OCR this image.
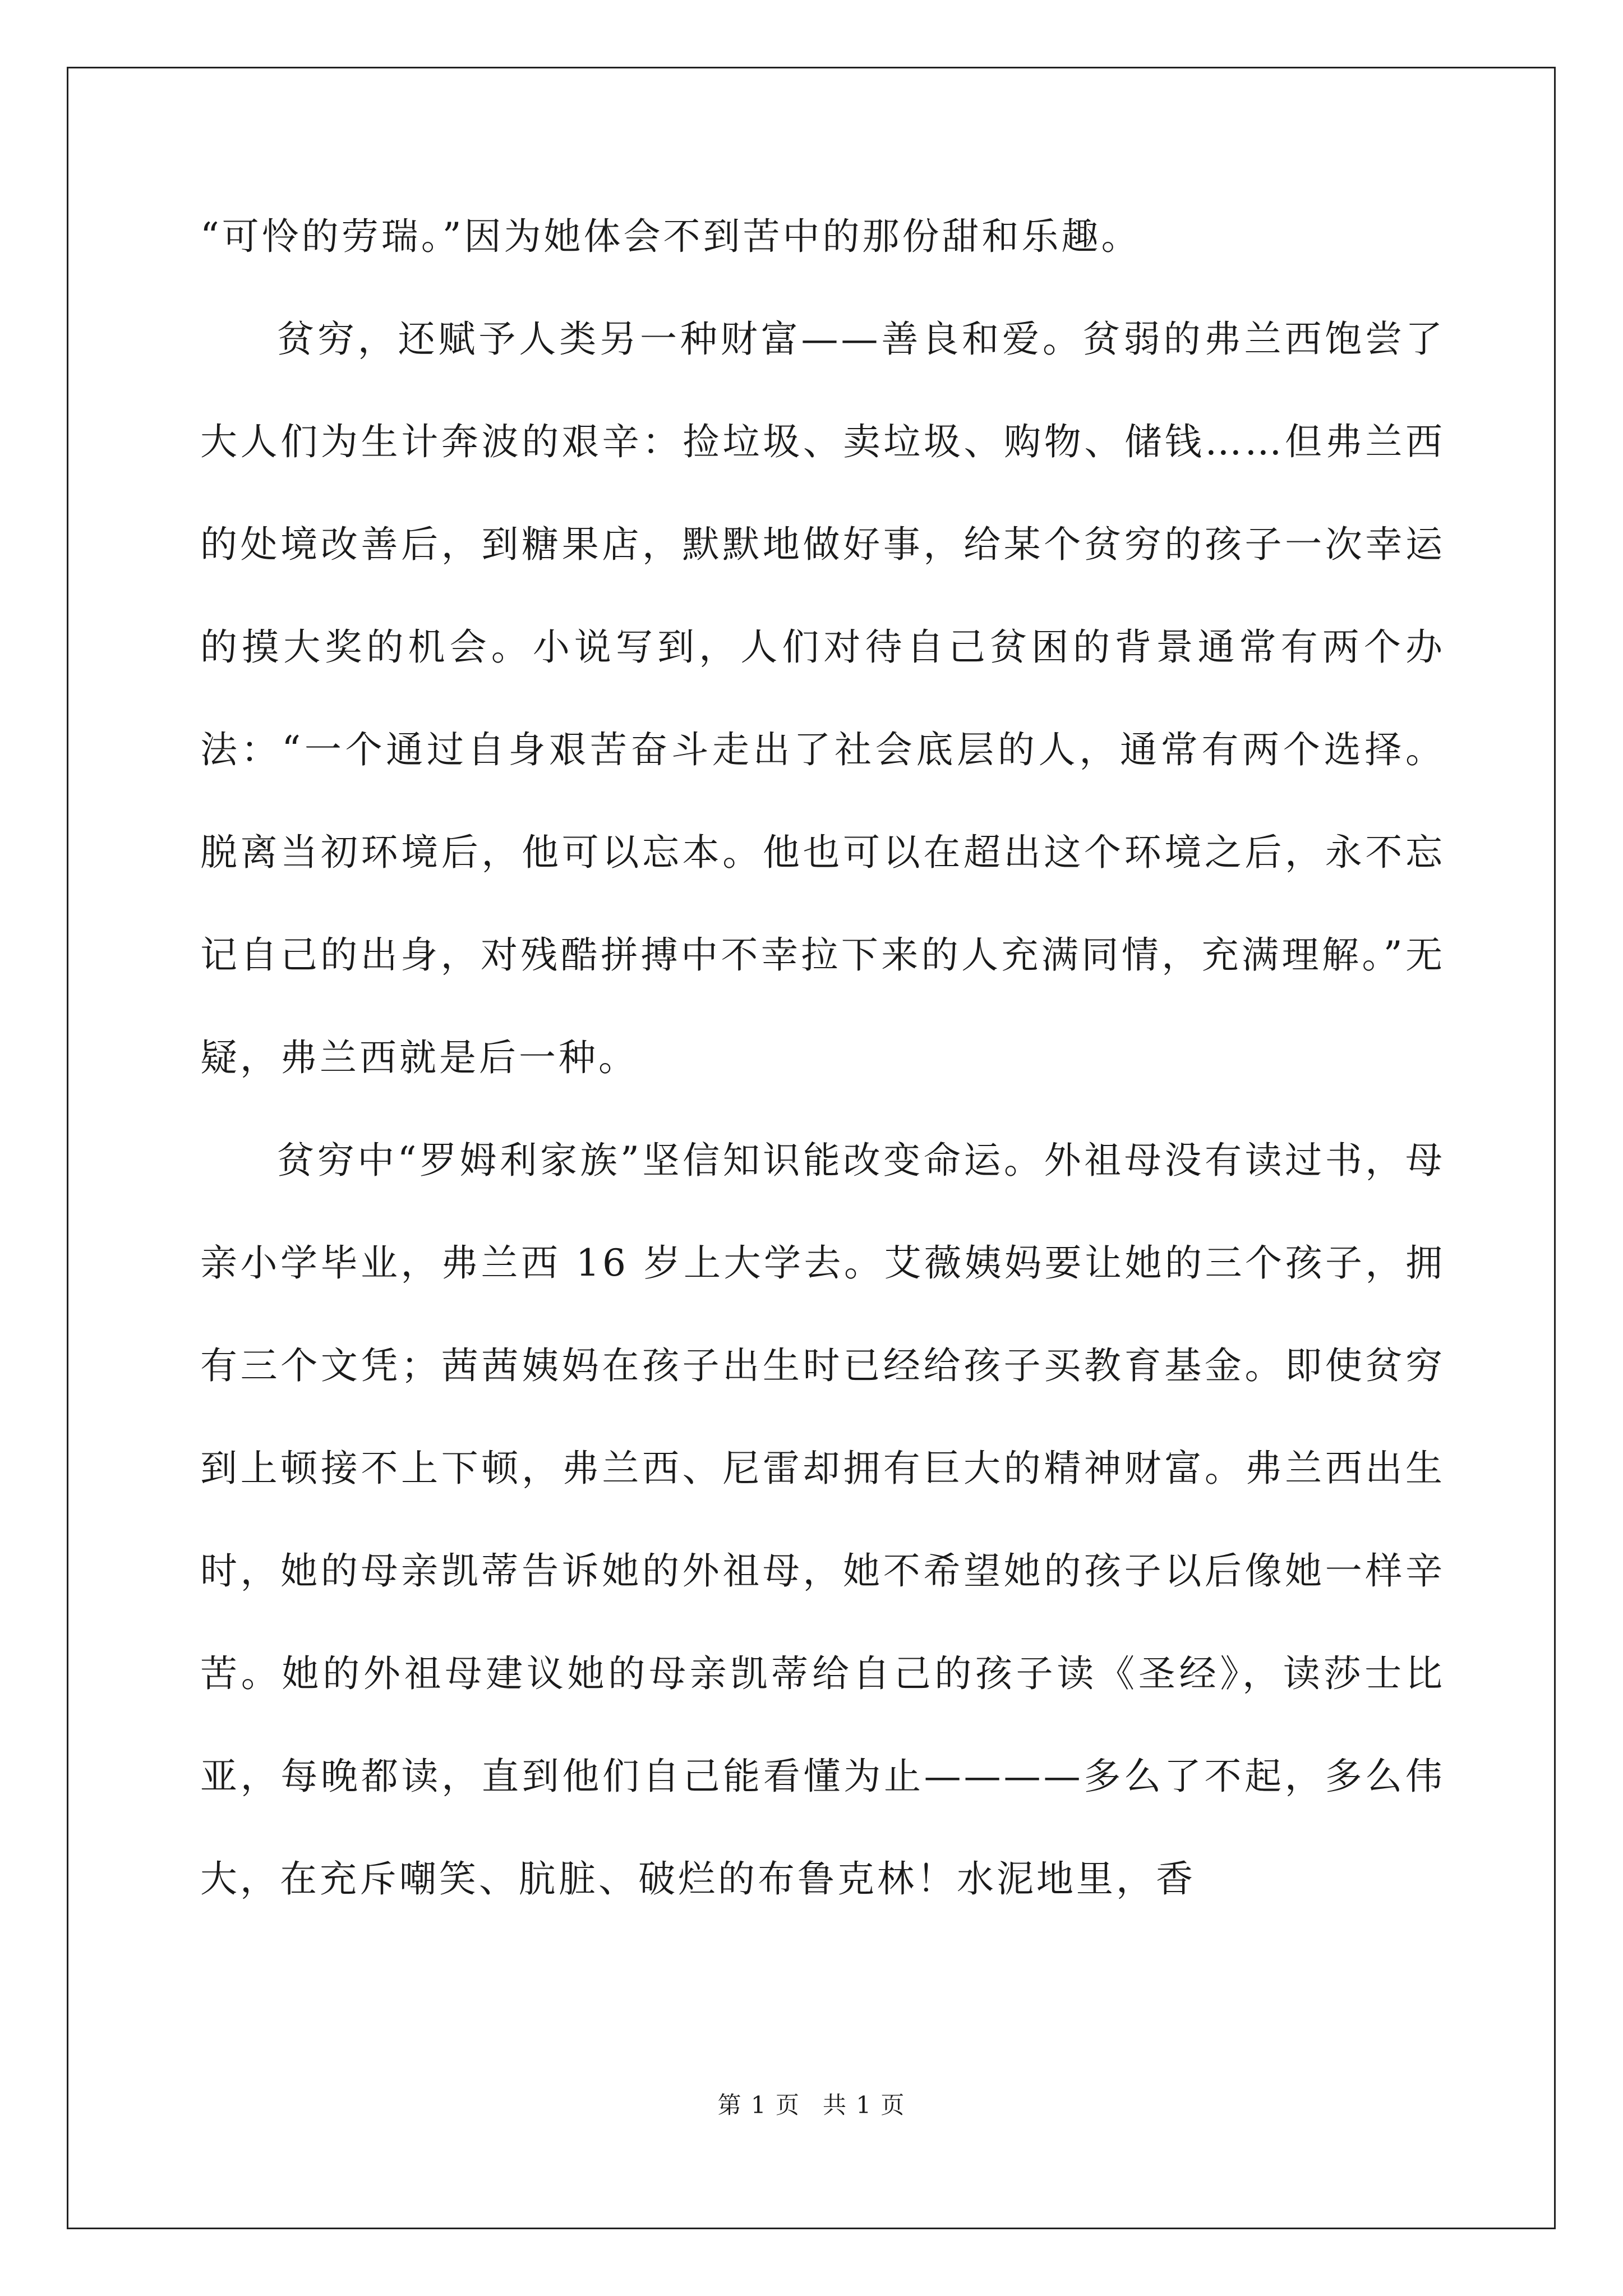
“可怜的劳瑞。”因为她体会不到苦中的那份甜和乐趣。

贫穷，还赋予人类另一种财富——善良和爱。贫弱的弗兰西饱尝了大人们为生计奔波的艰辛：捡垃圾、卖垃圾、购物、储钱……但弗兰西的处境改善后，到糖果店，默默地做好事，给某个贫穷的孩子一次幸运的摸大奖的机会。小说写到，人们对待自己贫困的背景通常有两个办法：“一个通过自身艰苦奋斗走出了社会底层的人，通常有两个选择。脱离当初环境后，他可以忘本。他也可以在超出这个环境之后，永不忘记自己的出身，对残酷拼搏中不幸拉下来的人充满同情，充满理解。”无疑，弗兰西就是后一种。

贫穷中“罗姆利家族”坚信知识能改变命运。外祖母没有读过书，母亲小学毕业，弗兰西 16 岁上大学去。艾薇姨妈要让她的三个孩子，拥有三个文凭；茜茜姨妈在孩子出生时已经给孩子买教育基金。即使贫穷到上顿接不上下顿，弗兰西、尼雷却拥有巨大的精神财富。弗兰西出生时，她的母亲凯蒂告诉她的外祖母，她不希望她的孩子以后像她一样辛苦。她的外祖母建议她的母亲凯蒂给自己的孩子读《圣经》，读莎士比亚，每晚都读，直到他们自己能看懂为止————多么了不起，多么伟大，在充斥嘲笑、肮脏、破烂的布鲁克林！水泥地里，香

第 1 页 共 1 页
